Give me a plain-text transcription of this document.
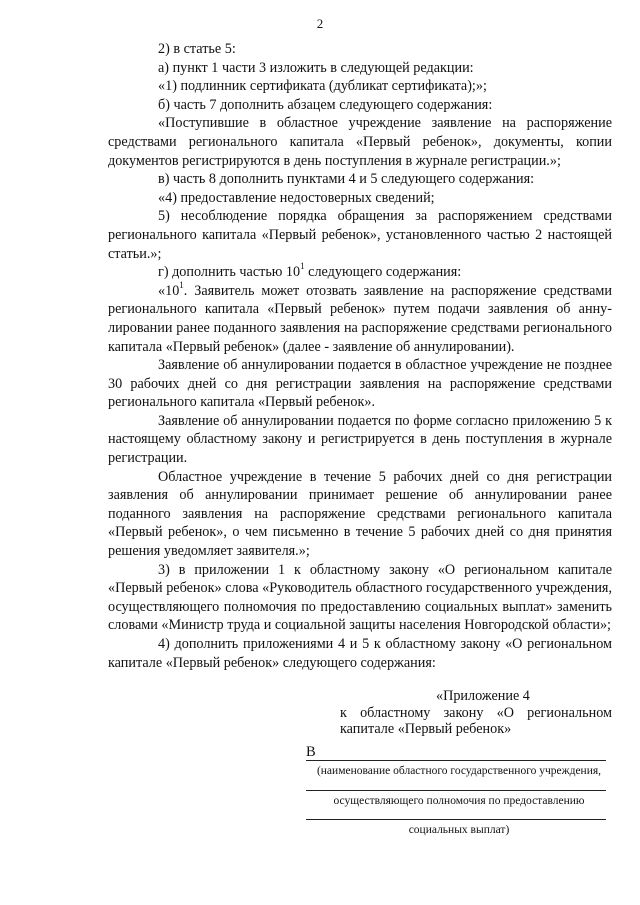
2

2) в статье 5:

а) пункт 1 части 3 изложить в следующей редакции:

«1) подлинник сертификата (дубликат сертификата);»;

б) часть 7 дополнить абзацем следующего содержания:

«Поступившие в областное учреждение заявление на распоряжение средствами регионального капитала «Первый ребенок», документы, копии документов регистрируются в день поступления в журнале регистрации.»;

в) часть 8 дополнить пунктами 4 и 5 следующего содержания:

«4) предоставление недостоверных сведений;

5) несоблюдение порядка обращения за распоряжением средствами регионального капитала «Первый ребенок», установленного частью 2 настоящей статьи.»;

г) дополнить частью $10^1$ следующего содержания:

«$10^1$. Заявитель может отозвать заявление на распоряжение средствами регионального капитала «Первый ребенок» путем подачи заявления об аннулировании ранее поданного заявления на распоряжение средствами регионального капитала «Первый ребенок» (далее - заявление об аннулировании).

Заявление об аннулировании подается в областное учреждение не позднее 30 рабочих дней со дня регистрации заявления на распоряжение средствами регионального капитала «Первый ребенок».

Заявление об аннулировании подается по форме согласно приложению 5 к настоящему областному закону и регистрируется в день поступления в журнале регистрации.

Областное учреждение в течение 5 рабочих дней со дня регистрации заявления об аннулировании принимает решение об аннулировании ранее поданного заявления на распоряжение средствами регионального капитала «Первый ребенок», о чем письменно в течение 5 рабочих дней со дня принятия решения уведомляет заявителя.»;

3) в приложении 1 к областному закону «О региональном капитале «Первый ребенок» слова «Руководитель областного государственного учреждения, осуществляющего полномочия по предоставлению социальных выплат» заменить словами «Министр труда и социальной защиты населения Новгородской области»;

4) дополнить приложениями 4 и 5 к областному закону «О региональном капитале «Первый ребенок» следующего содержания:

«Приложение 4
к областному закону «О региональном капитале «Первый ребенок»
В
(наименование областного государственного учреждения,
осуществляющего полномочия по предоставлению
социальных выплат)
